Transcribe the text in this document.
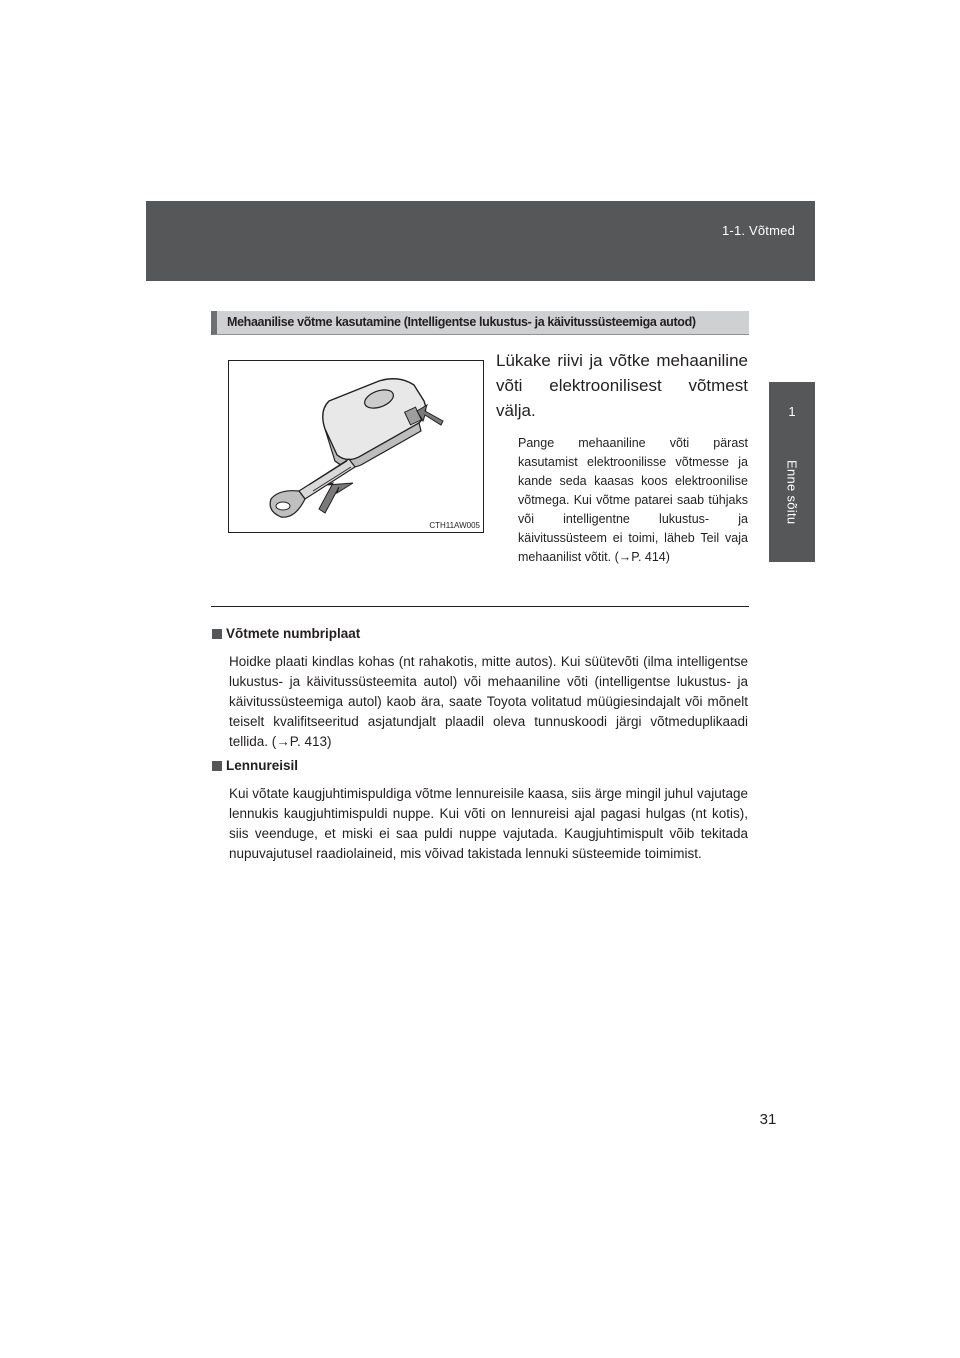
1-1. Võtmed
1
Enne sõitu
Mehaanilise võtme kasutamine (Intelligentse lukustus- ja käivitussüsteemiga autod)
CTH11AW005
Lükake riivi ja võtke mehaaniline võti elektroonilisest võtmest välja.
Pange mehaaniline võti pärast kasutamist elektroonilisse võtmesse ja kande seda kaasas koos elektroonilise võtmega. Kui võtme patarei saab tühjaks või intelligentne lukustus- ja käivitussüsteem ei toimi, läheb Teil vaja mehaanilist võtit. (→P. 414)
Võtmete numbriplaat

Hoidke plaati kindlas kohas (nt rahakotis, mitte autos). Kui süütevõti (ilma intelligentse lukustus- ja käivitussüsteemita autol) või mehaaniline võti (intelligentse lukustus- ja käivitussüsteemiga autol) kaob ära, saate Toyota volitatud müügiesindajalt või mõnelt teiselt kvalifitseeritud asjatundjalt plaadil oleva tunnuskoodi järgi võtmeduplikaadi tellida. (→P. 413)

Lennureisil

Kui võtate kaugjuhtimispuldiga võtme lennureisile kaasa, siis ärge mingil juhul vajutage lennukis kaugjuhtimispuldi nuppe. Kui võti on lennureisi ajal pagasi hulgas (nt kotis), siis veenduge, et miski ei saa puldi nuppe vajutada. Kaugjuhtimispult võib tekitada nupuvajutusel raadiolaineid, mis võivad takistada lennuki süsteemide toimimist.

31
